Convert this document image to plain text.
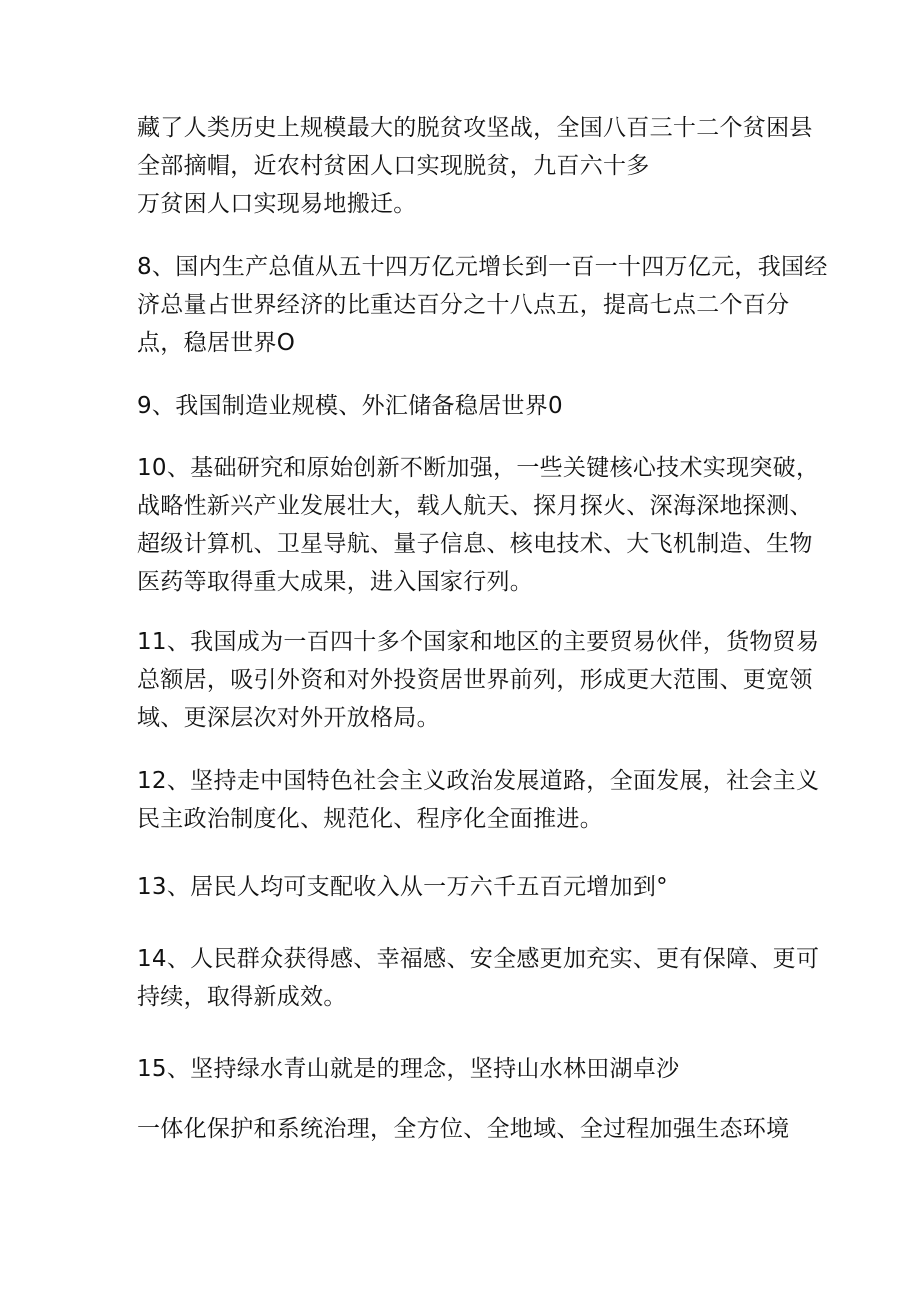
藏了人类历史上规模最大的脱贫攻坚战，全国八百三十二个贫困县
全部摘帽，近农村贫困人口实现脱贫，九百六十多
万贫困人口实现易地搬迁。
8、国内生产总值从五十四万亿元增长到一百一十四万亿元，我国经
济总量占世界经济的比重达百分之十八点五，提高七点二个百分
点，稳居世界O
9、我国制造业规模、外汇储备稳居世界0
10、基础研究和原始创新不断加强，一些关键核心技术实现突破，
战略性新兴产业发展壮大，载人航天、探月探火、深海深地探测、
超级计算机、卫星导航、量子信息、核电技术、大飞机制造、生物
医药等取得重大成果，进入国家行列。
11、我国成为一百四十多个国家和地区的主要贸易伙伴，货物贸易
总额居，吸引外资和对外投资居世界前列，形成更大范围、更宽领
域、更深层次对外开放格局。
12、坚持走中国特色社会主义政治发展道路，全面发展，社会主义
民主政治制度化、规范化、程序化全面推进。
13、居民人均可支配收入从一万六千五百元增加到°
14、人民群众获得感、幸福感、安全感更加充实、更有保障、更可
持续，取得新成效。
15、坚持绿水青山就是的理念，坚持山水林田湖卓沙
一体化保护和系统治理，全方位、全地域、全过程加强生态环境
